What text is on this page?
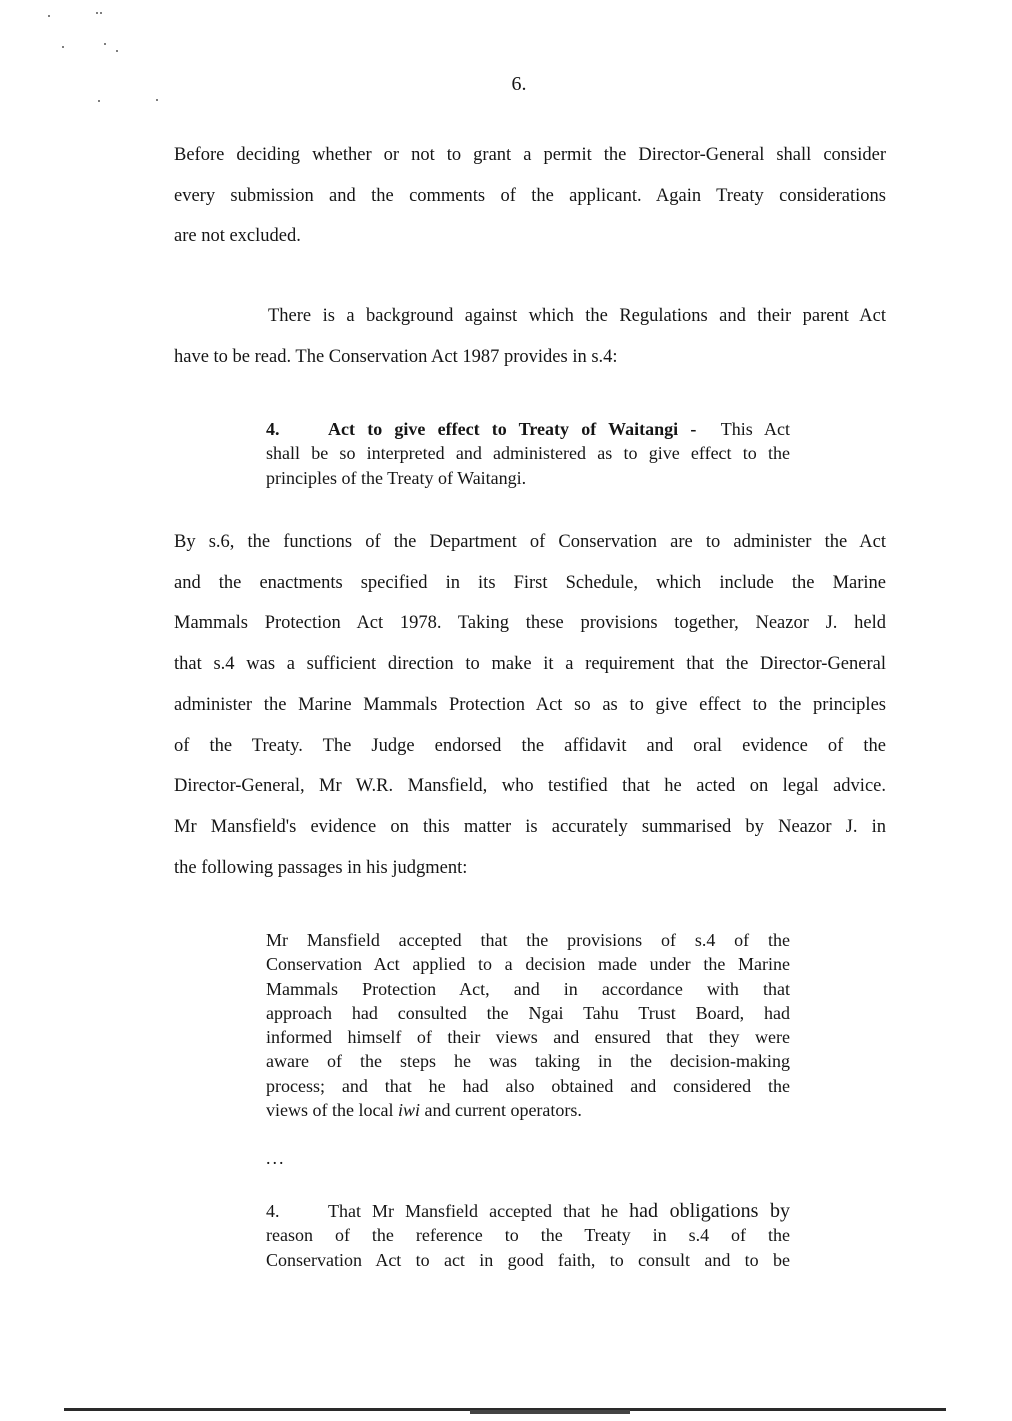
6.
Before deciding whether or not to grant a permit the Director-General shall consider
every submission and the comments of the applicant. Again Treaty considerations
are not excluded.
There is a background against which the Regulations and their parent Act
have to be read. The Conservation Act 1987 provides in s.4:
4.	Act to give effect to Treaty of Waitangi - This Act
shall be so interpreted and administered as to give effect to the
principles of the Treaty of Waitangi.
By s.6, the functions of the Department of Conservation are to administer the Act
and the enactments specified in its First Schedule, which include the Marine
Mammals Protection Act 1978. Taking these provisions together, Neazor J. held
that s.4 was a sufficient direction to make it a requirement that the Director-General
administer the Marine Mammals Protection Act so as to give effect to the principles
of the Treaty. The Judge endorsed the affidavit and oral evidence of the
Director-General, Mr W.R. Mansfield, who testified that he acted on legal advice.
Mr Mansfield's evidence on this matter is accurately summarised by Neazor J. in
the following passages in his judgment:
Mr Mansfield accepted that the provisions of s.4 of the
Conservation Act applied to a decision made under the Marine
Mammals Protection Act, and in accordance with that
approach had consulted the Ngai Tahu Trust Board, had
informed himself of their views and ensured that they were
aware of the steps he was taking in the decision-making
process; and that he had also obtained and considered the
views of the local iwi and current operators.
...
4.	That Mr Mansfield accepted that he had obligations by
reason of the reference to the Treaty in s.4 of the
Conservation Act to act in good faith, to consult and to be
